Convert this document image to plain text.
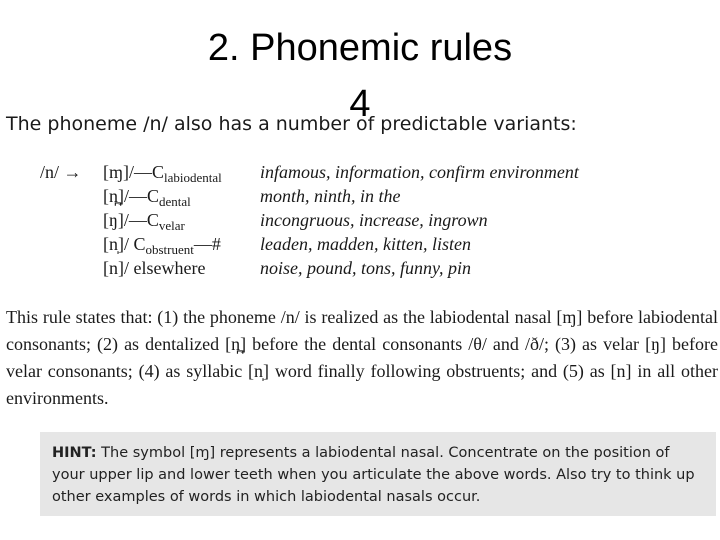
2. Phonemic rules
4
The phoneme /n/ also has a number of predictable variants:
$/n/ \to [ɱ]/—C_{labiodental}$ infamous, information, confirm environment
$[n̪]/—C_{dental}$	month, ninth, in the
$[ŋ]/—C_{velar}$	incongruous, increase, ingrown
[n̩]/ $C_{obstruent}—\#$ leaden, madden, kitten, listen
[n]/ elsewhere	noise, pound, tons, funny, pin
This rule states that: (1) the phoneme /n/ is realized as the labiodental nasal [ɱ] before labiodental consonants; (2) as dentalized [n̪] before the dental consonants /θ/ and /ð/; (3) as velar [ŋ] before velar consonants; (4) as syllabic [n̩] word finally following obstruents; and (5) as [n] in all other environments.
HINT: The symbol [ɱ] represents a labiodental nasal. Concentrate on the position of your upper lip and lower teeth when you articulate the above words. Also try to think up other examples of words in which labiodental nasals occur.
